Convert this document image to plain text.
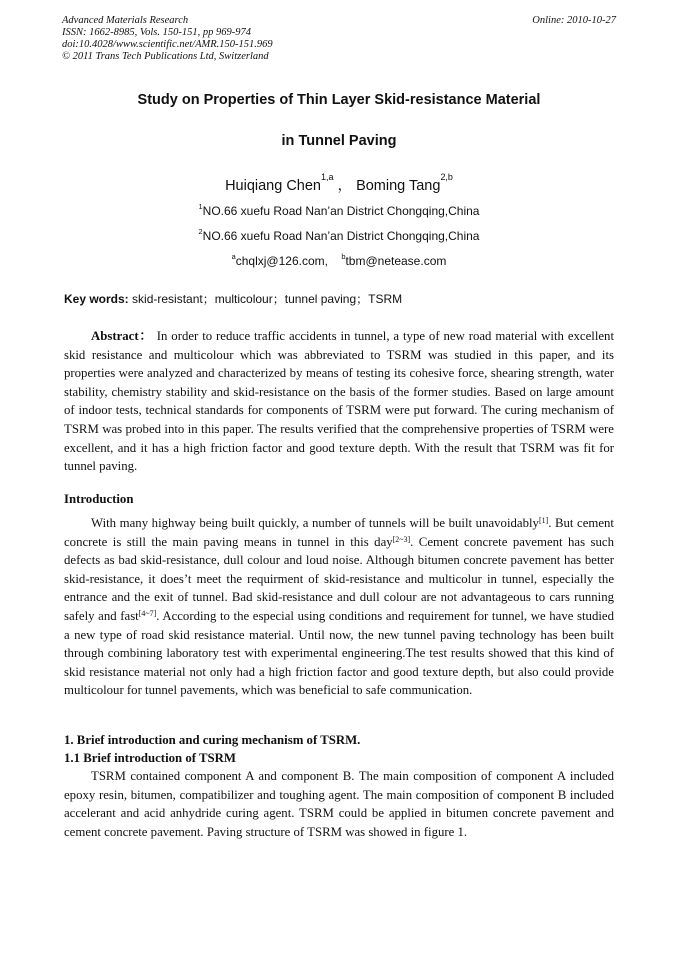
Advanced Materials Research
ISSN: 1662-8985, Vols. 150-151, pp 969-974
doi:10.4028/www.scientific.net/AMR.150-151.969
© 2011 Trans Tech Publications Ltd, Switzerland
Online: 2010-10-27
Study on Properties of Thin Layer Skid-resistance Material
in Tunnel Paving
Huiqiang Chen$^{1,a}$ ， Boming Tang$^{2,b}$
$^1$NO.66 xuefu Road Nan’an District Chongqing,China
$^2$NO.66 xuefu Road Nan’an District Chongqing,China
$^a$chqlxj@126.com, $^b$tbm@netease.com
Key words: skid-resistant；multicolour；tunnel paving；TSRM
Abstract： In order to reduce traffic accidents in tunnel, a type of new road material with excellent skid resistance and multicolour which was abbreviated to TSRM was studied in this paper, and its properties were analyzed and characterized by means of testing its cohesive force, shearing strength, water stability, chemistry stability and skid-resistance on the basis of the former studies. Based on large amount of indoor tests, technical standards for components of TSRM were put forward. The curing mechanism of TSRM was probed into in this paper. The results verified that the comprehensive properties of TSRM were excellent, and it has a high friction factor and good texture depth. With the result that TSRM was fit for tunnel paving.
Introduction
With many highway being built quickly, a number of tunnels will be built unavoidably[1]. But cement concrete is still the main paving means in tunnel in this day[2~3]. Cement concrete pavement has such defects as bad skid-resistance, dull colour and loud noise. Although bitumen concrete pavement has better skid-resistance, it does’t meet the requirment of skid-resistance and multicolur in tunnel, especially the entrance and the exit of tunnel. Bad skid-resistance and dull colour are not advantageous to cars running safely and fast[4~7]. According to the especial using conditions and requirement for tunnel, we have studied a new type of road skid resistance material. Until now, the new tunnel paving technology has been built through combining laboratory test with experimental engineering.The test results showed that this kind of skid resistance material not only had a high friction factor and good texture depth, but also could provide multicolour for tunnel pavements, which was beneficial to safe communication.
1. Brief introduction and curing mechanism of TSRM.
1.1 Brief introduction of TSRM
TSRM contained component A and component B. The main composition of component A included epoxy resin, bitumen, compatibilizer and toughing agent. The main composition of component B included accelerant and acid anhydride curing agent. TSRM could be applied in bitumen concrete pavement and cement concrete pavement. Paving structure of TSRM was showed in figure 1.
